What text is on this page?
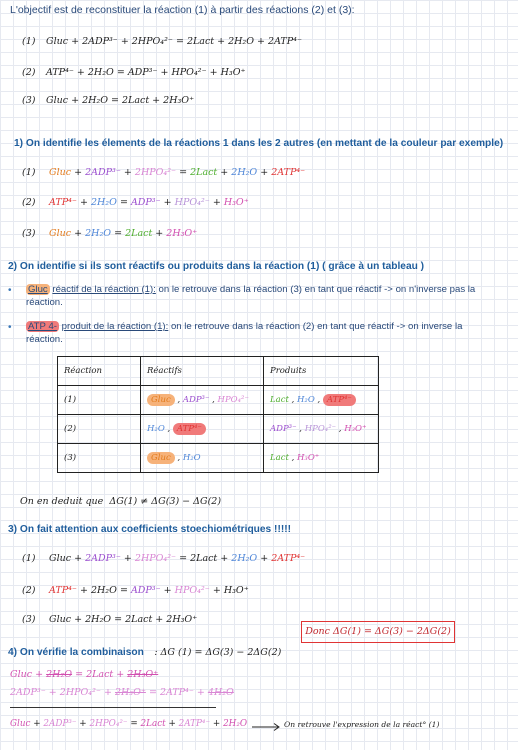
L'objectif est de reconstituer la réaction (1) à partir des réactions (2) et (3):
(1) Gluc + 2ADP³⁻ + 2HPO₄²⁻ = 2Lact + 2H₂O + 2ATP⁴⁻
(2) ATP⁴⁻ + 2H₂O = ADP³⁻ + HPO₄²⁻ + H₃O⁺
(3) Gluc + 2H₂O = 2Lact + 2H₃O⁺
1) On identifie les élements de la réactions 1 dans les 2 autres (en mettant de la couleur par exemple)
(1) Gluc + 2ADP³⁻ + 2HPO₄²⁻ = 2Lact + 2H₂O + 2ATP⁴⁻
(2) ATP⁴⁻ + 2H₂O = ADP³⁻ + HPO₄²⁻ + H₃O⁺
(3) Gluc + 2H₂O = 2Lact + 2H₃O⁺
2) On identifie si ils sont réactifs ou produits dans la réaction (1) ( grâce à un tableau )
• Gluc réactif de la réaction (1): on le retrouve dans la réaction (3) en tant que réactif -> on n'inverse pas la réaction.
• ATP 4- produit de la réaction (1): on le retrouve dans la réaction (2) en tant que réactif -> on inverse la réaction.
Réaction	Réactifs	Produits
(1)	Gluc , ADP³⁻ , HPO₄²⁻	Lact , H₂O , ATP⁴⁻
(2)	H₂O , ATP⁴⁻	ADP³⁻ , HPO₄²⁻ , H₃O⁺
(3)	Gluc , H₂O	Lact , H₃O⁺
On en deduit que ΔG(1) ≠ ΔG(3) − ΔG(2)
3) On fait attention aux coefficients stoechiométriques !!!!!
(1) Gluc + 2ADP³⁻ + 2HPO₄²⁻ = 2Lact + 2H₂O + 2ATP⁴⁻
(2) ATP⁴⁻ + 2H₂O = ADP³⁻ + HPO₄²⁻ + H₃O⁺
(3) Gluc + 2H₂O = 2Lact + 2H₃O⁺
Donc ΔG(1) = ΔG(3) − 2ΔG(2)
4) On vérifie la combinaison : ΔG (1) = ΔG(3) − 2ΔG(2)
Gluc + 2H₂O = 2Lact + 2H₃O⁺
2ADP³⁻ + 2HPO₄²⁻ + 2H₃O⁺ = 2ATP⁴⁻ + 4H₂O
Gluc + 2ADP³⁻ + 2HPO₄²⁻ = 2Lact + 2ATP⁴⁻ + 2H₂O	On retrouve l'expression de la réact° (1)
